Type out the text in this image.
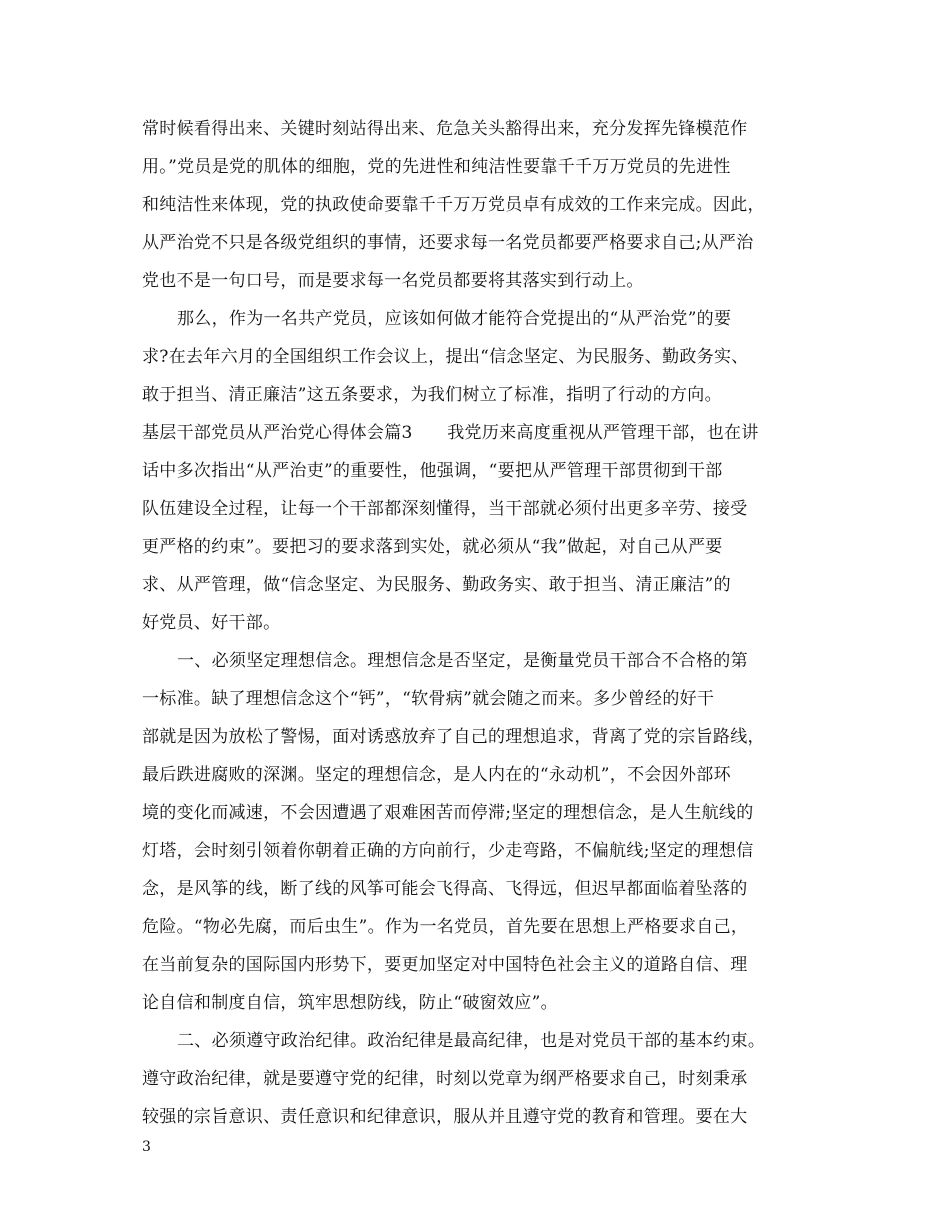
常时候看得出来、关键时刻站得出来、危急关头豁得出来，充分发挥先锋模范作
用。”党员是党的肌体的细胞，党的先进性和纯洁性要靠千千万万党员的先进性
和纯洁性来体现，党的执政使命要靠千千万万党员卓有成效的工作来完成。因此，
从严治党不只是各级党组织的事情，还要求每一名党员都要严格要求自己;从严治
党也不是一句口号，而是要求每一名党员都要将其落实到行动上。
那么，作为一名共产党员，应该如何做才能符合党提出的“从严治党”的要
求?在去年六月的全国组织工作会议上，提出“信念坚定、为民服务、勤政务实、
敢于担当、清正廉洁”这五条要求，为我们树立了标准，指明了行动的方向。
基层干部党员从严治党心得体会篇3　　我党历来高度重视从严管理干部，也在讲
话中多次指出“从严治吏”的重要性，他强调，“要把从严管理干部贯彻到干部
队伍建设全过程，让每一个干部都深刻懂得，当干部就必须付出更多辛劳、接受
更严格的约束”。要把习的要求落到实处，就必须从“我”做起，对自己从严要
求、从严管理，做“信念坚定、为民服务、勤政务实、敢于担当、清正廉洁”的
好党员、好干部。
一、必须坚定理想信念。理想信念是否坚定，是衡量党员干部合不合格的第
一标准。缺了理想信念这个“钙”，“软骨病”就会随之而来。多少曾经的好干
部就是因为放松了警惕，面对诱惑放弃了自己的理想追求，背离了党的宗旨路线，
最后跌进腐败的深渊。坚定的理想信念，是人内在的“永动机”，不会因外部环
境的变化而减速，不会因遭遇了艰难困苦而停滞;坚定的理想信念，是人生航线的
灯塔，会时刻引领着你朝着正确的方向前行，少走弯路，不偏航线;坚定的理想信
念，是风筝的线，断了线的风筝可能会飞得高、飞得远，但迟早都面临着坠落的
危险。“物必先腐，而后虫生”。作为一名党员，首先要在思想上严格要求自己，
在当前复杂的国际国内形势下，要更加坚定对中国特色社会主义的道路自信、理
论自信和制度自信，筑牢思想防线，防止“破窗效应”。
二、必须遵守政治纪律。政治纪律是最高纪律，也是对党员干部的基本约束。
遵守政治纪律，就是要遵守党的纪律，时刻以党章为纲严格要求自己，时刻秉承
较强的宗旨意识、责任意识和纪律意识，服从并且遵守党的教育和管理。要在大
3
